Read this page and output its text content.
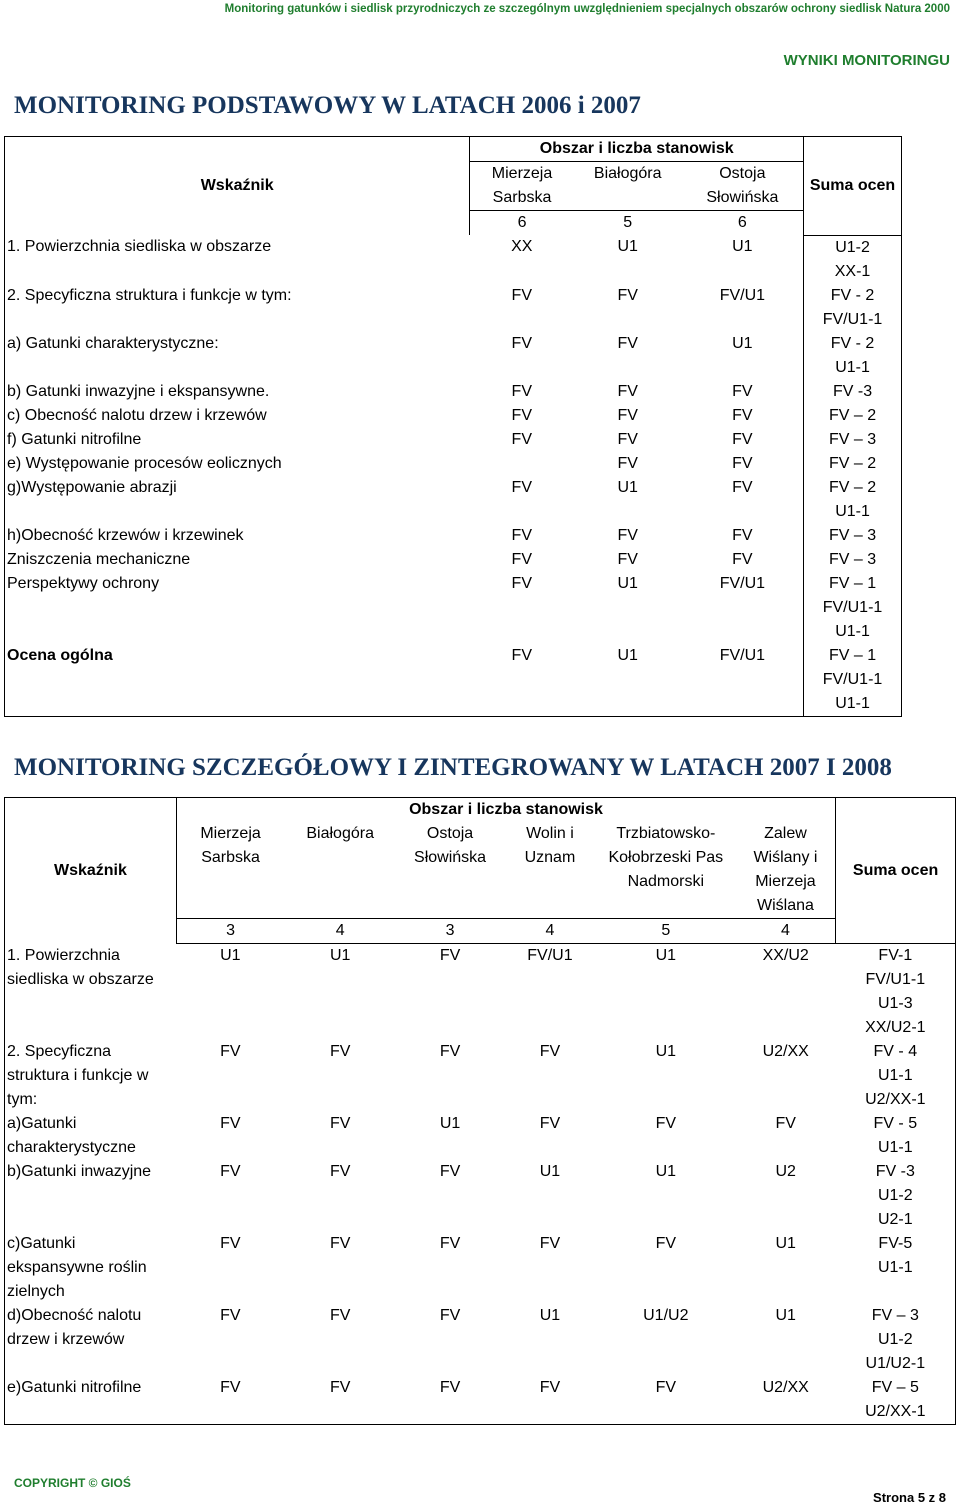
Monitoring gatunków i siedlisk przyrodniczych ze szczególnym uwzględnieniem specjalnych obszarów ochrony siedlisk Natura 2000
WYNIKI MONITORINGU
MONITORING PODSTAWOWY W LATACH 2006 i 2007
Wskaźnik	Obszar i liczba stanowisk			Suma ocen
	Mierzeja Sarbska	Białogóra	Ostoja Słowińska	
	6	5	6	
1. Powierzchnia siedliska w obszarze	XX	U1	U1	U1-2
XX-1
2. Specyficzna struktura i funkcje w tym:	FV	FV	FV/U1	FV - 2
FV/U1-1
a) Gatunki charakterystyczne:	FV	FV	U1	FV - 2
U1-1
b) Gatunki inwazyjne i ekspansywne.	FV	FV	FV	FV -3
c) Obecność nalotu drzew i krzewów	FV	FV	FV	FV – 2
f) Gatunki nitrofilne	FV	FV	FV	FV – 3
e) Występowanie procesów eolicznych		FV	FV	FV – 2
g)Występowanie abrazji	FV	U1	FV	FV – 2
U1-1
h)Obecność krzewów i krzewinek	FV	FV	FV	FV – 3
Zniszczenia mechaniczne	FV	FV	FV	FV – 3
Perspektywy ochrony	FV	U1	FV/U1	FV – 1
FV/U1-1
U1-1
Ocena ogólna	FV	U1	FV/U1	FV – 1
FV/U1-1
U1-1
MONITORING SZCZEGÓŁOWY I ZINTEGROWANY W LATACH 2007 I 2008
Wskaźnik	Obszar i liczba stanowisk						Suma ocen
	Mierzeja Sarbska	Białogóra	Ostoja Słowińska	Wolin i Uznam	Trzbiatowsko-Kołobrzeski Pas Nadmorski	Zalew Wiślany i Mierzeja Wiślana	
	3	4	3	4	5	4	
1. Powierzchnia siedliska w obszarze	U1	U1	FV	FV/U1	U1	XX/U2	FV-1
FV/U1-1
U1-3
XX/U2-1
2. Specyficzna struktura i funkcje w tym:	FV	FV	FV	FV	U1	U2/XX	FV - 4
U1-1
U2/XX-1
a)Gatunki charakterystyczne	FV	FV	U1	FV	FV	FV	FV - 5
U1-1
b)Gatunki inwazyjne	FV	FV	FV	U1	U1	U2	FV -3
U1-2
U2-1
c)Gatunki ekspansywne roślin zielnych	FV	FV	FV	FV	FV	U1	FV-5
U1-1
d)Obecność nalotu drzew i krzewów	FV	FV	FV	U1	U1/U2	U1	FV – 3
U1-2
U1/U2-1
e)Gatunki nitrofilne	FV	FV	FV	FV	FV	U2/XX	FV – 5
U2/XX-1
COPYRIGHT © GIOŚ
Strona 5 z 8
